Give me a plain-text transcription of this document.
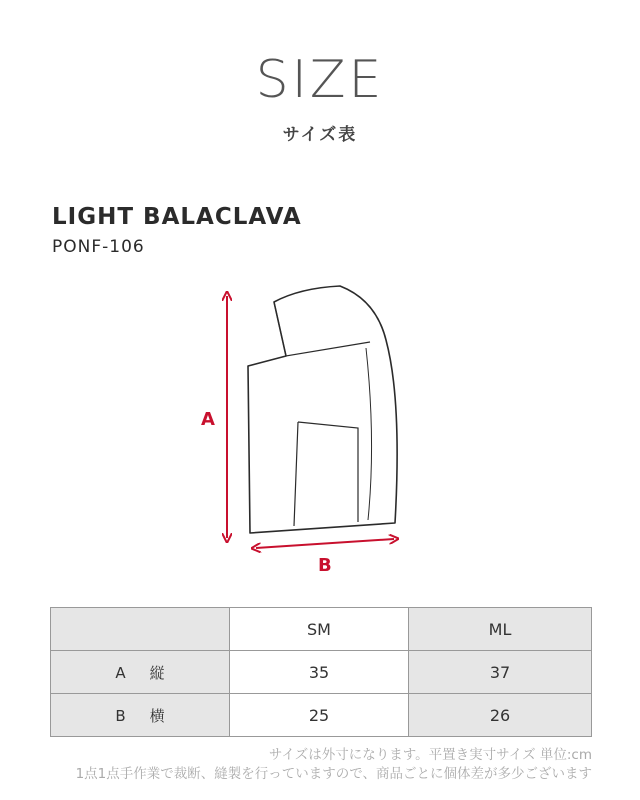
SIZE
サイズ表
LIGHT BALACLAVA
PONF-106
A
B
	SM	ML
A 縦	35	37
B 横	25	26
サイズは外寸になります。平置き実寸サイズ 単位:cm
1点1点手作業で裁断、縫製を行っていますので、商品ごとに個体差が多少ございます
